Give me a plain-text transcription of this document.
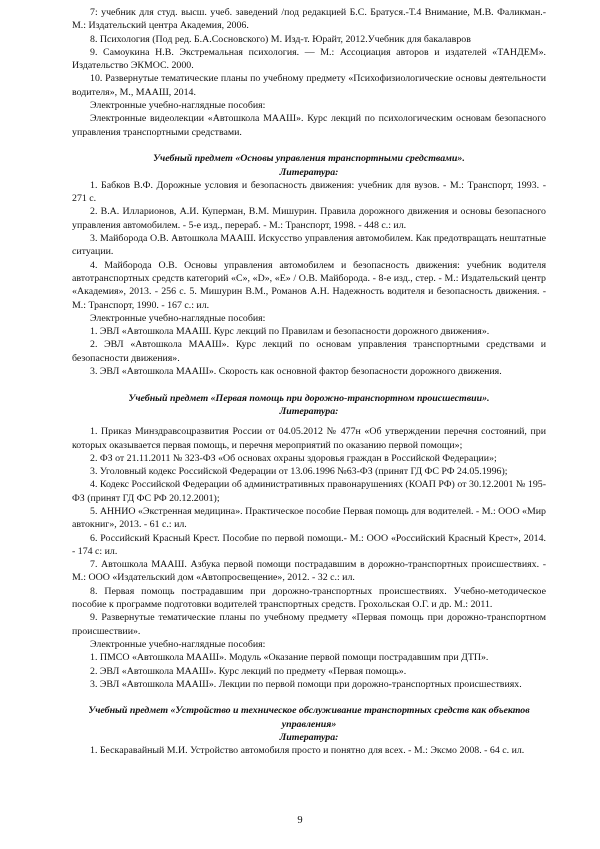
7: учебник для студ. высш. учеб. заведений /под редакцией Б.С. Братуся.-Т.4 Внимание, М.В. Фаликман.- М.: Издательский центра Академия, 2006.

8. Психология (Под ред. Б.А.Сосновского) М. Изд-т. Юрайт, 2012.Учебник для бакалавров

9. Самоукина Н.В. Экстремальная психология. — М.: Ассоциация авторов и издателей «ТАНДЕМ». Издательство ЭКМОС. 2000.

10. Развернутые тематические планы по учебному предмету «Психофизиологические основы деятельности водителя», М., МААШ, 2014.

Электронные учебно-наглядные пособия:

Электронные видеолекции «Автошкола МААШ». Курс лекций по психологическим основам безопасного управления транспортными средствами.

Учебный предмет «Основы управления транспортными средствами».

Литература:

1. Бабков В.Ф. Дорожные условия и безопасность движения: учебник для вузов. - М.: Транспорт, 1993. - 271 с.

2. В.А. Илларионов, А.И. Куперман, В.М. Мишурин. Правила дорожного движения и основы безопасного управления автомобилем. - 5-е изд., перераб. - М.: Транспорт, 1998. - 448 с.: ил.

3. Майборода О.В. Автошкола МААШ. Искусство управления автомобилем. Как предотвращать нештатные ситуации.

4. Майборода О.В. Основы управления автомобилем и безопасность движения: учебник водителя автотранспортных средств категорий «С», «D», «Е» / О.В. Майборода. - 8-е изд., стер. - М.: Издательский центр «Академия», 2013. - 256 с. 5. Мишурин В.М., Романов А.Н. Надежность водителя и безопасность движения. - М.: Транспорт, 1990. - 167 с.: ил.

Электронные учебно-наглядные пособия:

1. ЭВЛ «Автошкола МААШ. Курс лекций по Правилам и безопасности дорожного движения».

2. ЭВЛ «Автошкола МААШ». Курс лекций по основам управления транспортными средствами и безопасности движения».

3. ЭВЛ «Автошкола МААШ». Скорость как основной фактор безопасности дорожного движения.

Учебный предмет «Первая помощь при дорожно-транспортном происшествии».

Литература:

1. Приказ Минздравсоцразвития России от 04.05.2012 № 477н «Об утверждении перечня состояний, при которых оказывается первая помощь, и перечня мероприятий по оказанию первой помощи»;

2. ФЗ от 21.11.2011 № 323-ФЗ «Об основах охраны здоровья граждан в Российской Федерации»;

3. Уголовный кодекс Российской Федерации от 13.06.1996 №63-ФЗ (принят ГД ФС РФ 24.05.1996);

4. Кодекс Российской Федерации об административных правонарушениях (КОАП РФ) от 30.12.2001 № 195-ФЗ (принят ГД ФС РФ 20.12.2001);

5. АННИО «Экстренная медицина». Практическое пособие Первая помощь для водителей. - М.: ООО «Мир автокниг», 2013. - 61 с.: ил.

6. Российский Красный Крест. Пособие по первой помощи.- М.: ООО «Российский Красный Крест», 2014. - 174 с: ил.

7. Автошкола МААШ. Азбука первой помощи пострадавшим в дорожно-транспортных происшествиях. - М.: ООО «Издательский дом «Автопросвещение», 2012. - 32 с.: ил.

8. Первая помощь пострадавшим при дорожно-транспортных происшествиях. Учебно-методическое пособие к программе подготовки водителей транспортных средств. Грохольская О.Г. и др. М.: 2011.

9. Развернутые тематические планы по учебному предмету «Первая помощь при дорожно-транспортном происшествии».

Электронные учебно-наглядные пособия:

1. ПМСО «Автошкола МААШ». Модуль «Оказание первой помощи пострадавшим при ДТП».

2. ЭВЛ «Автошкола МААШ». Курс лекций по предмету «Первая помощь».

3. ЭВЛ «Автошкола МААШ». Лекции по первой помощи при дорожно-транспортных происшествиях.

Учебный предмет «Устройство и техническое обслуживание транспортных средств как объектов управления»

Литература:

1. Бескаравайный М.И. Устройство автомобиля просто и понятно для всех. - М.: Эксмо 2008. - 64 с. ил.

9
